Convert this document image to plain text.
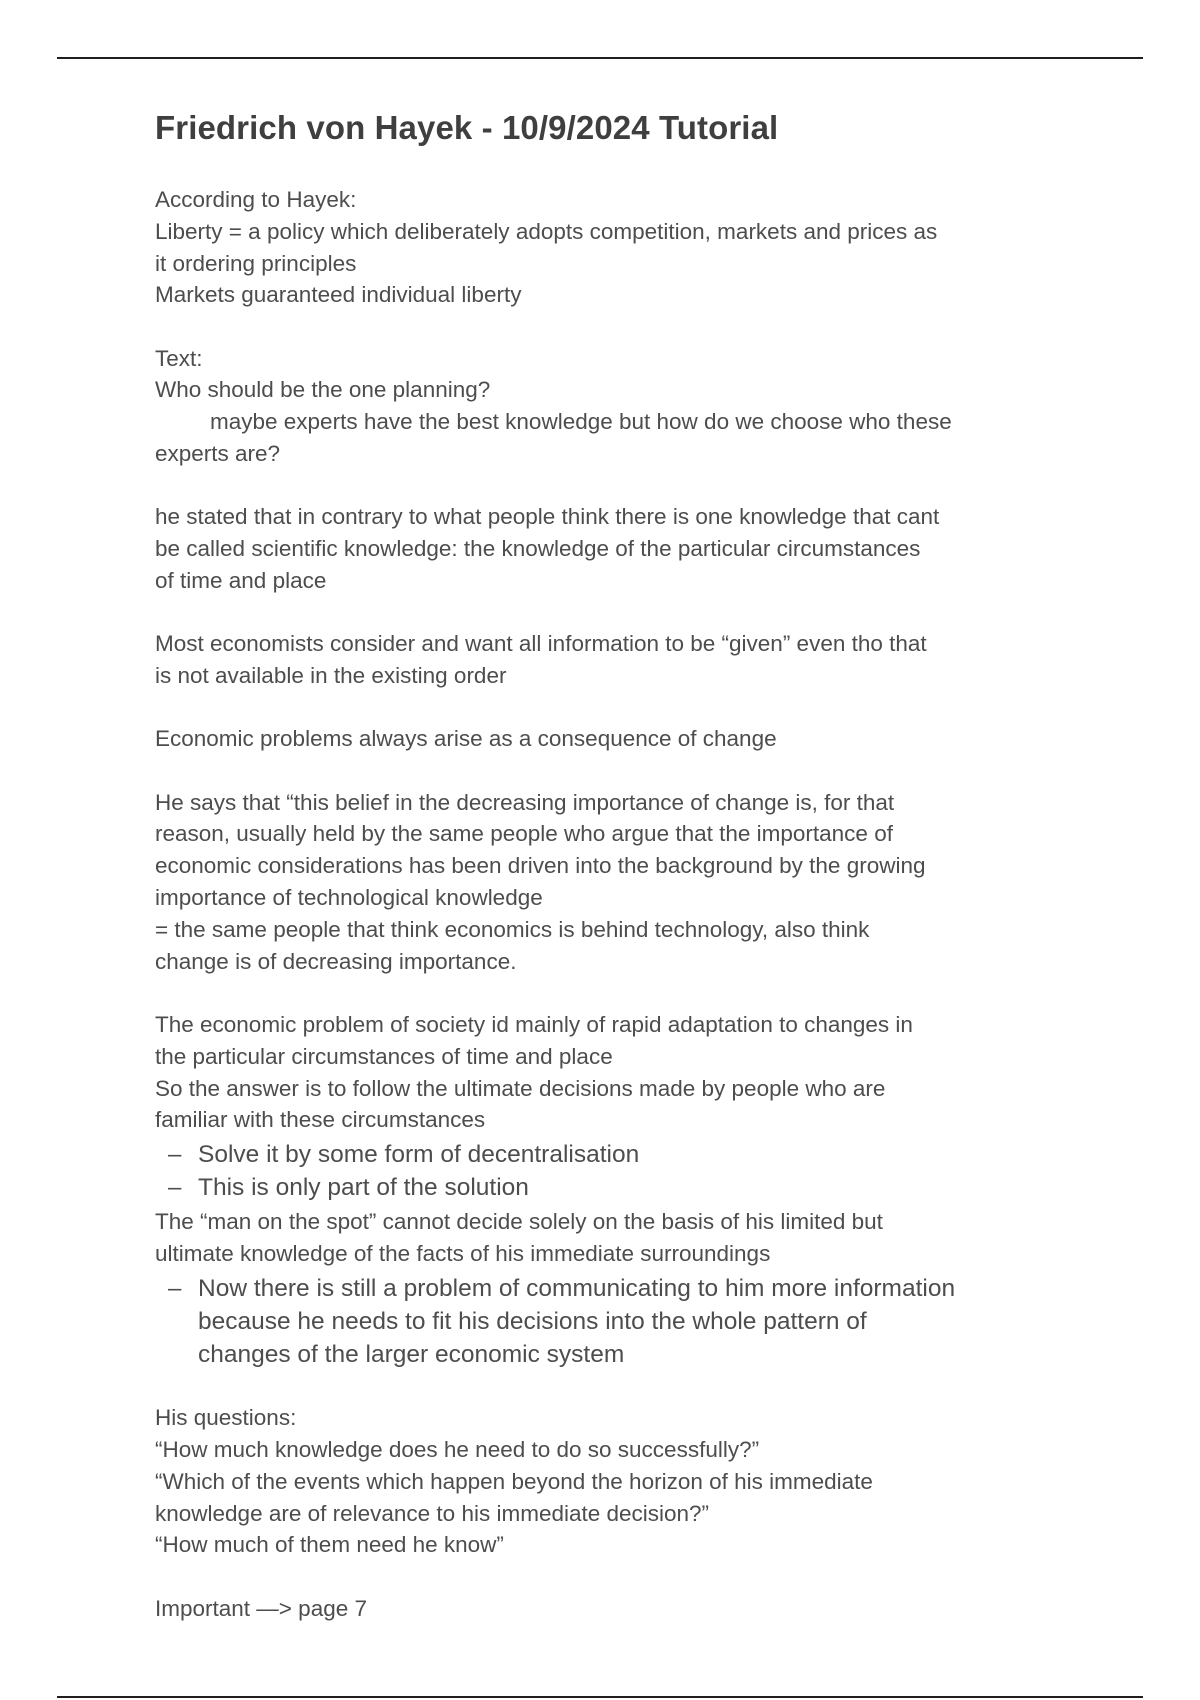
Friedrich von Hayek - 10/9/2024 Tutorial
According to Hayek:
Liberty = a policy which deliberately adopts competition, markets and prices as
it ordering principles
Markets guaranteed individual liberty
Text:
Who should be the one planning?
maybe experts have the best knowledge but how do we choose who these
experts are?
he stated that in contrary to what people think there is one knowledge that cant
be called scientific knowledge: the knowledge of the particular circumstances
of time and place
Most economists consider and want all information to be “given” even tho that
is not available in the existing order
Economic problems always arise as a consequence of change
He says that “this belief in the decreasing importance of change is, for that
reason, usually held by the same people who argue that the importance of
economic considerations has been driven into the background by the growing
importance of technological knowledge
= the same people that think economics is behind technology, also think
change is of decreasing importance.
The economic problem of society id mainly of rapid adaptation to changes in
the particular circumstances of time and place
So the answer is to follow the ultimate decisions made by people who are
familiar with these circumstances
– Solve it by some form of decentralisation
– This is only part of the solution
The “man on the spot” cannot decide solely on the basis of his limited but
ultimate knowledge of the facts of his immediate surroundings
– Now there is still a problem of communicating to him more information
because he needs to fit his decisions into the whole pattern of
changes of the larger economic system
His questions:
“How much knowledge does he need to do so successfully?”
“Which of the events which happen beyond the horizon of his immediate
knowledge are of relevance to his immediate decision?”
“How much of them need he know”
Important —> page 7
